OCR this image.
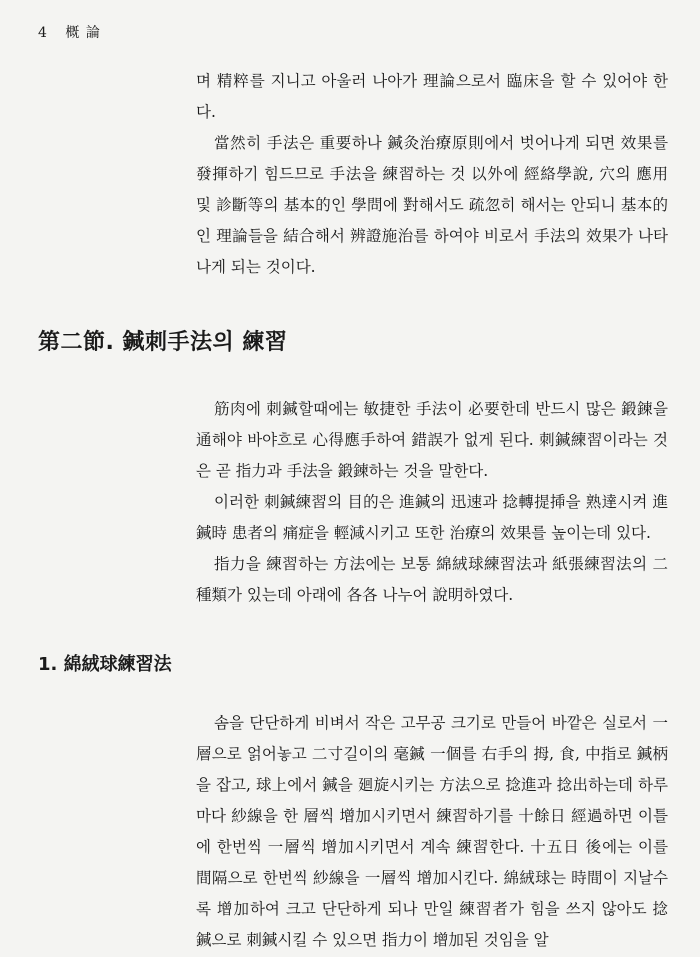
4 概 論

며 精粹를 지니고 아울러 나아가 理論으로서 臨床을 할 수 있어야 한다.

當然히 手法은 重要하나 鍼灸治療原則에서 벗어나게 되면 效果를 發揮하기 힘드므로 手法을 練習하는 것 以外에 經絡學說, 穴의 應用 및 診斷等의 基本的인 學問에 對해서도 疏忽히 해서는 안되니 基本的인 理論들을 結合해서 辨證施治를 하여야 비로서 手法의 效果가 나타나게 되는 것이다.

第二節. 鍼刺手法의 練習

筋肉에 刺鍼할때에는 敏捷한 手法이 必要한데 반드시 많은 鍛鍊을 通해야 바야흐로 心得應手하여 錯誤가 없게 된다. 刺鍼練習이라는 것은 곧 指力과 手法을 鍛鍊하는 것을 말한다.

이러한 刺鍼練習의 目的은 進鍼의 迅速과 捻轉提揷을 熟達시켜 進鍼時 患者의 痛症을 輕減시키고 또한 治療의 效果를 높이는데 있다.

指力을 練習하는 方法에는 보통 綿絨球練習法과 紙張練習法의 二種類가 있는데 아래에 各各 나누어 說明하였다.

1. 綿絨球練習法

솜을 단단하게 비벼서 작은 고무공 크기로 만들어 바깥은 실로서 一層으로 얽어놓고 二寸길이의 毫鍼 一個를 右手의 拇, 食, 中指로 鍼柄을 잡고, 球上에서 鍼을 廻旋시키는 方法으로 捻進과 捻出하는데 하루마다 紗線을 한 層씩 增加시키면서 練習하기를 十餘日 經過하면 이틀에 한번씩 一層씩 增加시키면서 계속 練習한다. 十五日 後에는 이를 間隔으로 한번씩 紗線을 一層씩 增加시킨다. 綿絨球는 時間이 지날수록 增加하여 크고 단단하게 되나 만일 練習者가 힘을 쓰지 않아도 捻鍼으로 刺鍼시킬 수 있으면 指力이 增加된 것임을 알
